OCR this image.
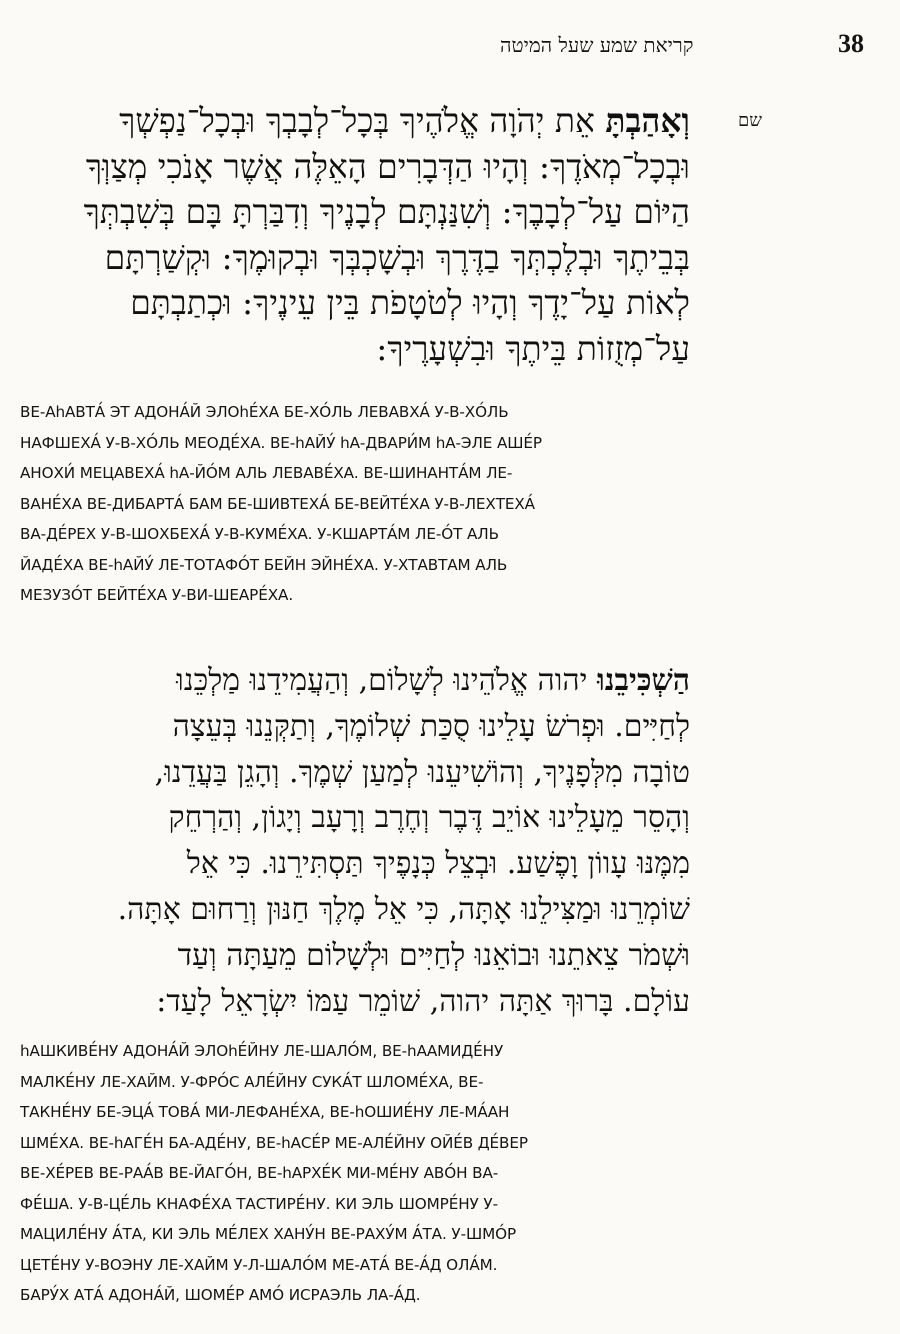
קריאת שמע שעל המיטה	38
שם
וְאָהַבְתָּ אֵת יְהֹוָה אֱלֹהֶיךָ בְּכָל־לְבָבְךָ וּבְכָל־נַפְשְׁךָ
וּבְכָל־מְאֹדֶךָ: וְהָיוּ הַדְּבָרִים הָאֵלֶּה אֲשֶׁר אָנֹכִי מְצַוְּךָ
הַיּוֹם עַל־לְבָבֶךָ: וְשִׁנַּנְתָּם לְבָנֶיךָ וְדִבַּרְתָּ בָּם בְּשִׁבְתְּךָ
בְּבֵיתֶךָ וּבְלֶכְתְּךָ בַדֶּרֶךְ וּבְשָׁכְבְּךָ וּבְקוּמֶךָ: וּקְשַׁרְתָּם
לְאוֹת עַל־יָדֶךָ וְהָיוּ לְטֹטָפֹת בֵּין עֵינֶיךָ: וּכְתַבְתָּם
עַל־מְזֻזוֹת בֵּיתֶךָ וּבִשְׁעָרֶיךָ:
ВЕ-АhАВТА́ ЭТ АДОНА́Й ЭЛОhЕ́ХА БЕ-ХО́ЛЬ ЛЕВАВХА́ У-В-ХО́ЛЬ
НАФШЕХА́ У-В-ХО́ЛЬ МЕОДЕ́ХА. ВЕ-hАЙУ́ hА-ДВАРИ́М hА-ЭЛЕ АШЕ́Р
АНОХИ́ МЕЦАВЕХА́ hА-ЙО́М АЛЬ ЛЕВАВЕ́ХА. ВЕ-ШИНАНТА́М ЛЕ-
ВАНЕ́ХА ВЕ-ДИБАРТА́ БАМ БЕ-ШИВТЕХА́ БЕ-ВЕЙТЕ́ХА У-В-ЛЕХТЕХА́
ВА-ДЕ́РЕХ У-В-ШОХБЕХА́ У-В-КУМЕ́ХА. У-КШАРТА́М ЛЕ-О́Т АЛЬ
ЙАДЕ́ХА ВЕ-hАЙУ́ ЛЕ-ТОТАФО́Т БЕЙН ЭЙНЕ́ХА. У-ХТАВТАМ АЛЬ
МЕЗУЗО́Т БЕЙТЕ́ХА У-ВИ-ШЕАРЕ́ХА.
הַשְׁכִּיבֵנוּ יהוה אֱלֹהֵינוּ לְשָׁלוֹם, וְהַעֲמִידֵנוּ מַלְכֵּנוּ
לְחַיִּים. וּפְרֹשׂ עָלֵינוּ סֻכַּת שְׁלוֹמֶךָ, וְתַקְּנֵנוּ בְּעֵצָה
טוֹבָה מִלְּפָנֶיךָ, וְהוֹשִׁיעֵנוּ לְמַעַן שְׁמֶךָ. וְהָגֵן בַּעֲדֵנוּ,
וְהָסֵר מֵעָלֵינוּ אוֹיֵב דֶּבֶר וְחֶרֶב וְרָעָב וְיָגוֹן, וְהַרְחֵק
מִמֶּנּוּ עָווֹן וָפֶשַׁע. וּבְצֵל כְּנָפֶיךָ תַּסְתִּירֵנוּ. כִּי אֵל
שׁוֹמְרֵנוּ וּמַצִּילֵנוּ אָתָּה, כִּי אֵל מֶלֶךְ חַנּוּן וְרַחוּם אָתָּה.
וּשְׁמֹר צֵאתֵנוּ וּבוֹאֵנוּ לְחַיִּים וּלְשָׁלוֹם מֵעַתָּה וְעַד
עוֹלָם. בָּרוּךְ אַתָּה יהוה, שׁוֹמֵר עַמּוֹ יִשְׂרָאֵל לָעַד:
hАШКИВЕ́НУ АДОНА́Й ЭЛОhЕ́ЙНУ ЛЕ-ШАЛО́М, ВЕ-hААМИДЕ́НУ
МАЛКЕ́НУ ЛЕ-ХАЙМ. У-ФРО́С АЛЕ́ЙНУ СУКА́Т ШЛОМЕ́ХА, ВЕ-
ТАКНЕ́НУ БЕ-ЭЦА́ ТОВА́ МИ-ЛЕФАНЕ́ХА, ВЕ-hОШИЕ́НУ ЛЕ-МА́АН
ШМЕ́ХА. ВЕ-hАГЕ́Н БА-АДЕ́НУ, ВЕ-hАСЕ́Р МЕ-АЛЕ́ЙНУ ОЙЕ́В ДЕ́ВЕР
ВЕ-ХЕ́РЕВ ВЕ-РАА́В ВЕ-ЙАГО́Н, ВЕ-hАРХЕ́К МИ-МЕ́НУ АВО́Н ВА-
ФЕ́ША. У-В-ЦЕ́ЛЬ КНАФЕ́ХА ТАСТИРЕ́НУ. КИ ЭЛЬ ШОМРЕ́НУ У-
МАЦИЛЕ́НУ А́ТА, КИ ЭЛЬ МЕ́ЛЕХ ХАНУ́Н ВЕ-РАХУ́М А́ТА. У-ШМО́Р
ЦЕТЕ́НУ У-ВОЭНУ ЛЕ-ХАЙМ У-Л-ШАЛО́М МЕ-АТА́ ВЕ-А́Д ОЛА́М.
БАРУ́Х АТА́ АДОНА́Й, ШОМЕ́Р АМО́ ИСРАЭЛЬ ЛА-А́Д.
